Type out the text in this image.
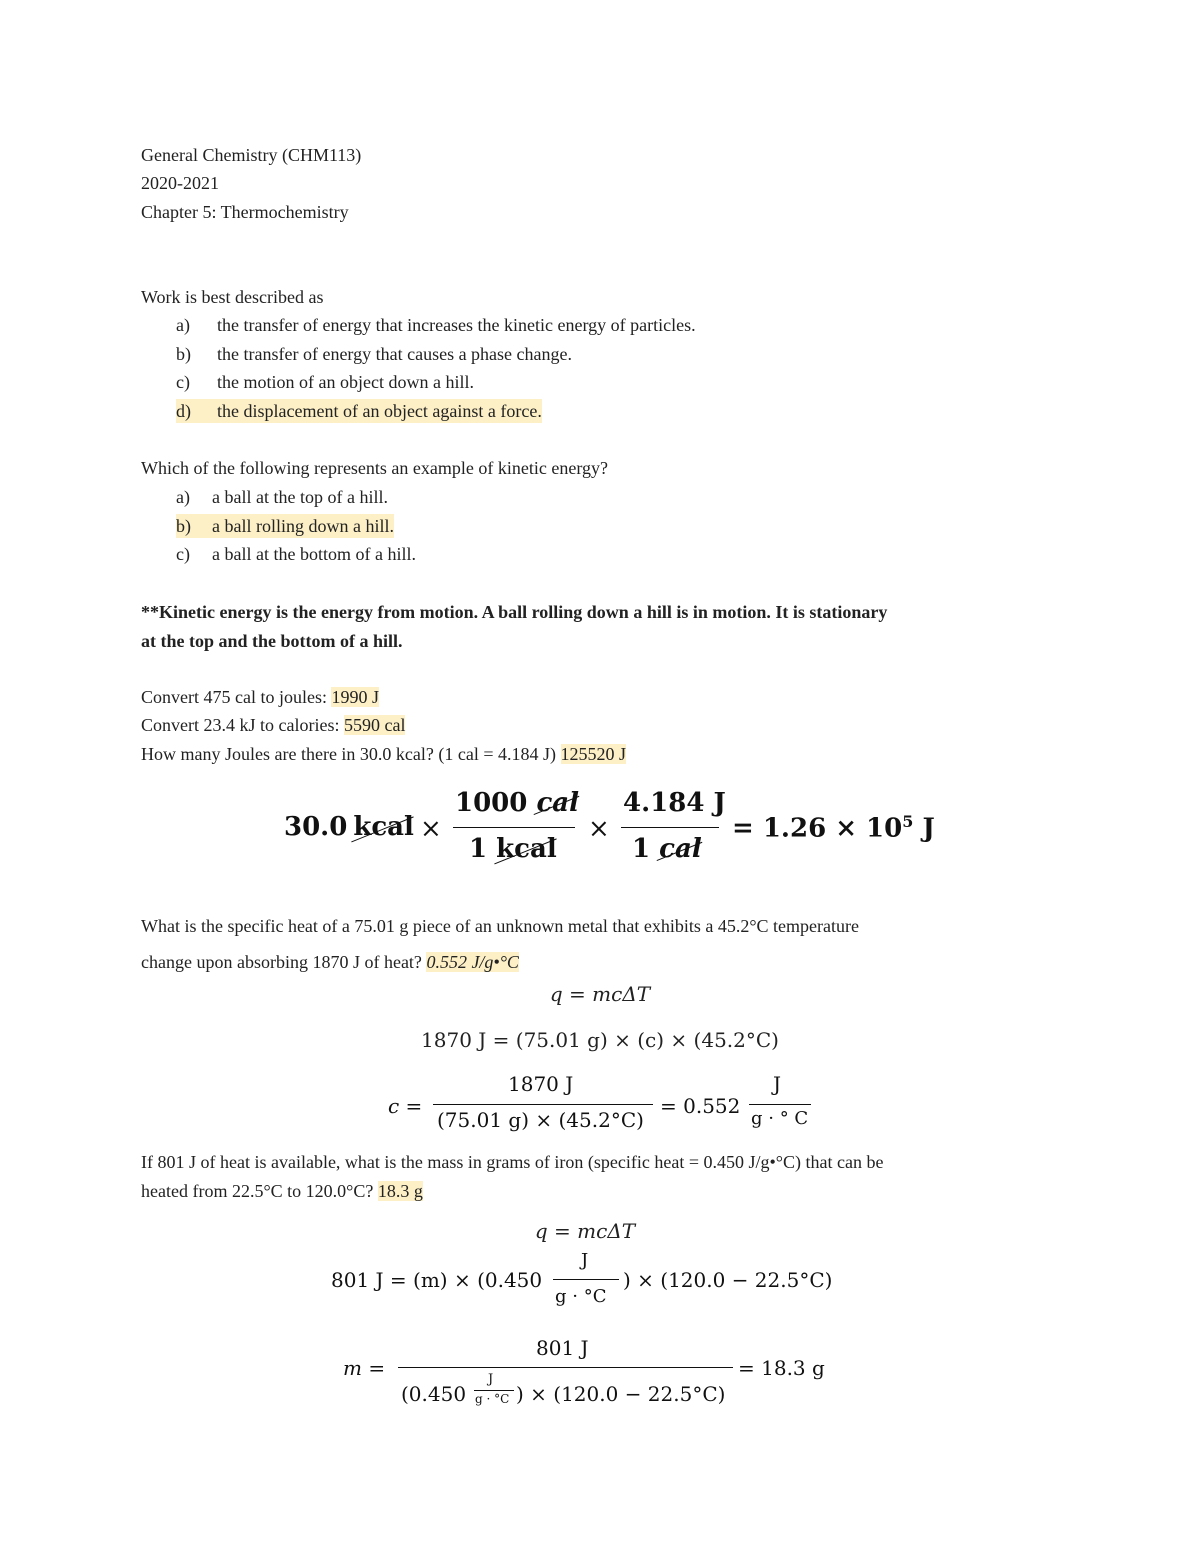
General Chemistry (CHM113)
2020-2021
Chapter 5: Thermochemistry
Work is best described as
a) the transfer of energy that increases the kinetic energy of particles.
b) the transfer of energy that causes a phase change.
c) the motion of an object down a hill.
d) the displacement of an object against a force.
Which of the following represents an example of kinetic energy?
a) a ball at the top of a hill.
b) a ball rolling down a hill.
c) a ball at the bottom of a hill.
**Kinetic energy is the energy from motion. A ball rolling down a hill is in motion. It is stationary
at the top and the bottom of a hill.
Convert 475 cal to joules: 1990 J
Convert 23.4 kJ to calories: 5590 cal
How many Joules are there in 30.0 kcal? (1 cal = 4.184 J) 125520 J
30.0 kcal ×
1000 cal
1 kcal
×
4.184 J
1 cal
= $1.26 \times 10^5$ J
What is the specific heat of a 75.01 g piece of an unknown metal that exhibits a 45.2°C temperature
change upon absorbing 1870 J of heat? 0.552 J/g•°C
q = mcΔT
1870 J = (75.01 g) × (c) × (45.2°C)
c =
1870 J
(75.01 g) × (45.2°C)
= 0.552
J
g · ° C
If 801 J of heat is available, what is the mass in grams of iron (specific heat = 0.450 J/g•°C) that can be
heated from 22.5°C to 120.0°C? 18.3 g
q = mcΔT
801 J = (m) × (0.450
J
g · °C
) × (120.0 − 22.5°C)
m =
801 J
(0.450
J
g · °C ) × (120.0 − 22.5°C)
= 18.3 g
